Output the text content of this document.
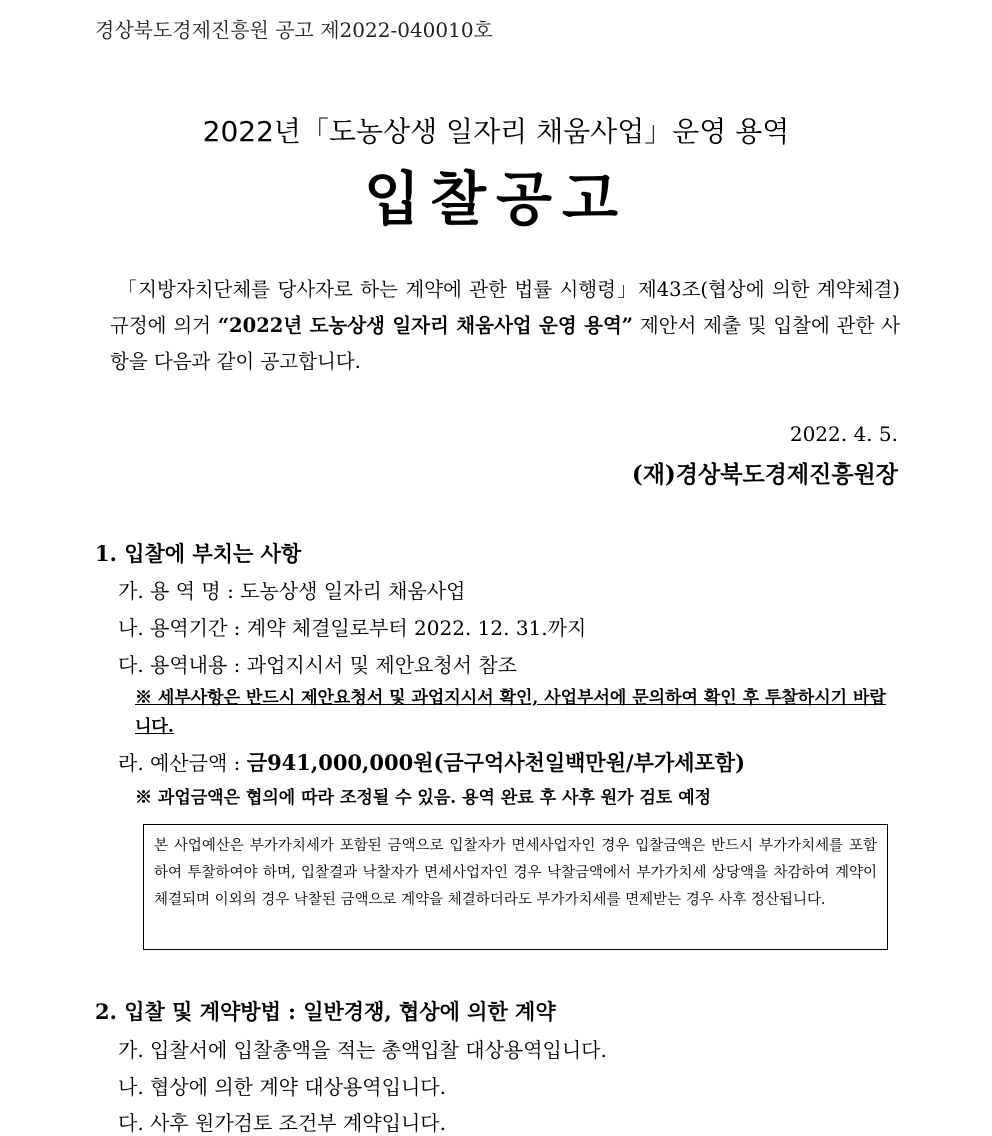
경상북도경제진흥원 공고 제2022-040010호
2022년「도농상생 일자리 채움사업」운영 용역
입찰공고
「지방자치단체를 당사자로 하는 계약에 관한 법률 시행령」제43조(협상에 의한 계약체결) 규정에 의거 “2022년 도농상생 일자리 채움사업 운영 용역” 제안서 제출 및 입찰에 관한 사항을 다음과 같이 공고합니다.
2022. 4. 5.
(재)경상북도경제진흥원장
1. 입찰에 부치는 사항
가. 용 역 명 : 도농상생 일자리 채움사업
나. 용역기간 : 계약 체결일로부터 2022. 12. 31.까지
다. 용역내용 : 과업지시서 및 제안요청서 참조
※ 세부사항은 반드시 제안요청서 및 과업지시서 확인, 사업부서에 문의하여 확인 후 투찰하시기 바랍니다.
라. 예산금액 : 금941,000,000원(금구억사천일백만원/부가세포함)
※ 과업금액은 협의에 따라 조정될 수 있음. 용역 완료 후 사후 원가 검토 예정
본 사업예산은 부가가치세가 포함된 금액으로 입찰자가 면세사업자인 경우 입찰금액은 반드시 부가가치세를 포함하여 투찰하여야 하며, 입찰결과 낙찰자가 면세사업자인 경우 낙찰금액에서 부가가치세 상당액을 차감하여 계약이 체결되며 이외의 경우 낙찰된 금액으로 계약을 체결하더라도 부가가치세를 면제받는 경우 사후 정산됩니다.
2. 입찰 및 계약방법 : 일반경쟁, 협상에 의한 계약
가. 입찰서에 입찰총액을 적는 총액입찰 대상용역입니다.
나. 협상에 의한 계약 대상용역입니다.
다. 사후 원가검토 조건부 계약입니다.
